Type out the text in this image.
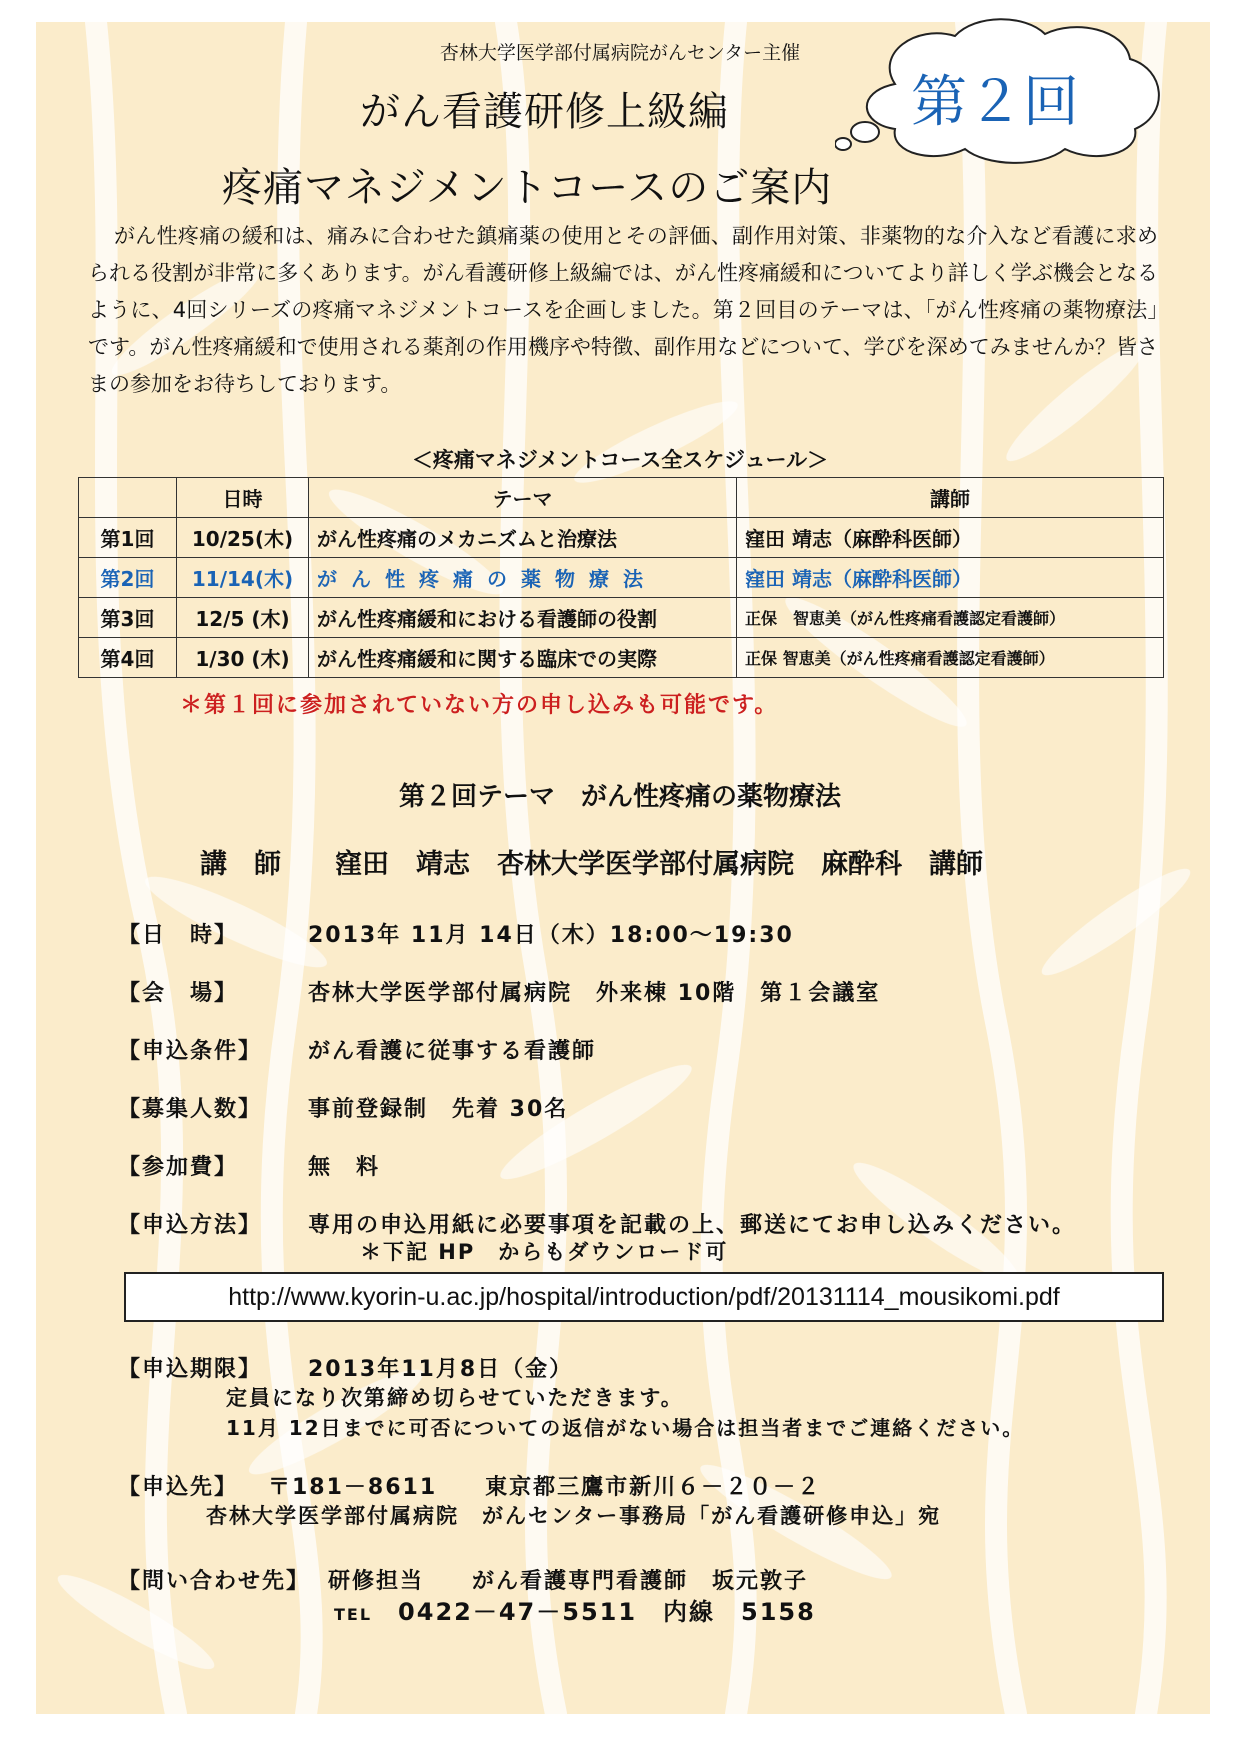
杏林大学医学部付属病院がんセンター主催
がん看護研修上級編
疼痛マネジメントコースのご案内
第２回
がん性疼痛の緩和は、痛みに合わせた鎮痛薬の使用とその評価、副作用対策、非薬物的な介入など看護に求められる役割が非常に多くあります。がん看護研修上級編では、がん性疼痛緩和についてより詳しく学ぶ機会となるように、4回シリーズの疼痛マネジメントコースを企画しました。第２回目のテーマは、「がん性疼痛の薬物療法」です。がん性疼痛緩和で使用される薬剤の作用機序や特徴、副作用などについて、学びを深めてみませんか？皆さまの参加をお待ちしております。
＜疼痛マネジメントコース全スケジュール＞
	日時	テーマ	講師
第1回	10/25(木)	がん性疼痛のメカニズムと治療法	窪田 靖志（麻酔科医師）
第2回	11/14(木)	がん性疼痛の薬物療法	窪田 靖志（麻酔科医師）
第3回	12/5 (木)	がん性疼痛緩和における看護師の役割	正保　智恵美（がん性疼痛看護認定看護師）
第4回	1/30 (木)	がん性疼痛緩和に関する臨床での実際	正保 智恵美（がん性疼痛看護認定看護師）
＊第１回に参加されていない方の申し込みも可能です。
第２回テーマ　がん性疼痛の薬物療法
講　師　　窪田　靖志　杏林大学医学部付属病院　麻酔科　講師
【日　時】	2013年 11月 14日（木）18:00～19:30
【会　場】	杏林大学医学部付属病院　外来棟 10階　第１会議室
【申込条件】 がん看護に従事する看護師
【募集人数】 事前登録制　先着 30名
【参加費】	無　料
【申込方法】 専用の申込用紙に必要事項を記載の上、郵送にてお申し込みください。
＊下記 HP　からもダウンロード可
http://www.kyorin-u.ac.jp/hospital/introduction/pdf/20131114_mousikomi.pdf
【申込期限】 2013年11月8日（金）
定員になり次第締め切らせていただきます。
11月 12日までに可否についての返信がない場合は担当者までご連絡ください。
【申込先】 〒181－8611　　東京都三鷹市新川６－２０－２
杏林大学医学部付属病院　がんセンター事務局「がん看護研修申込」宛
【問い合わせ先】 研修担当　　がん看護専門看護師　坂元敦子
TEL　 0422－47－5511　内線　5158
